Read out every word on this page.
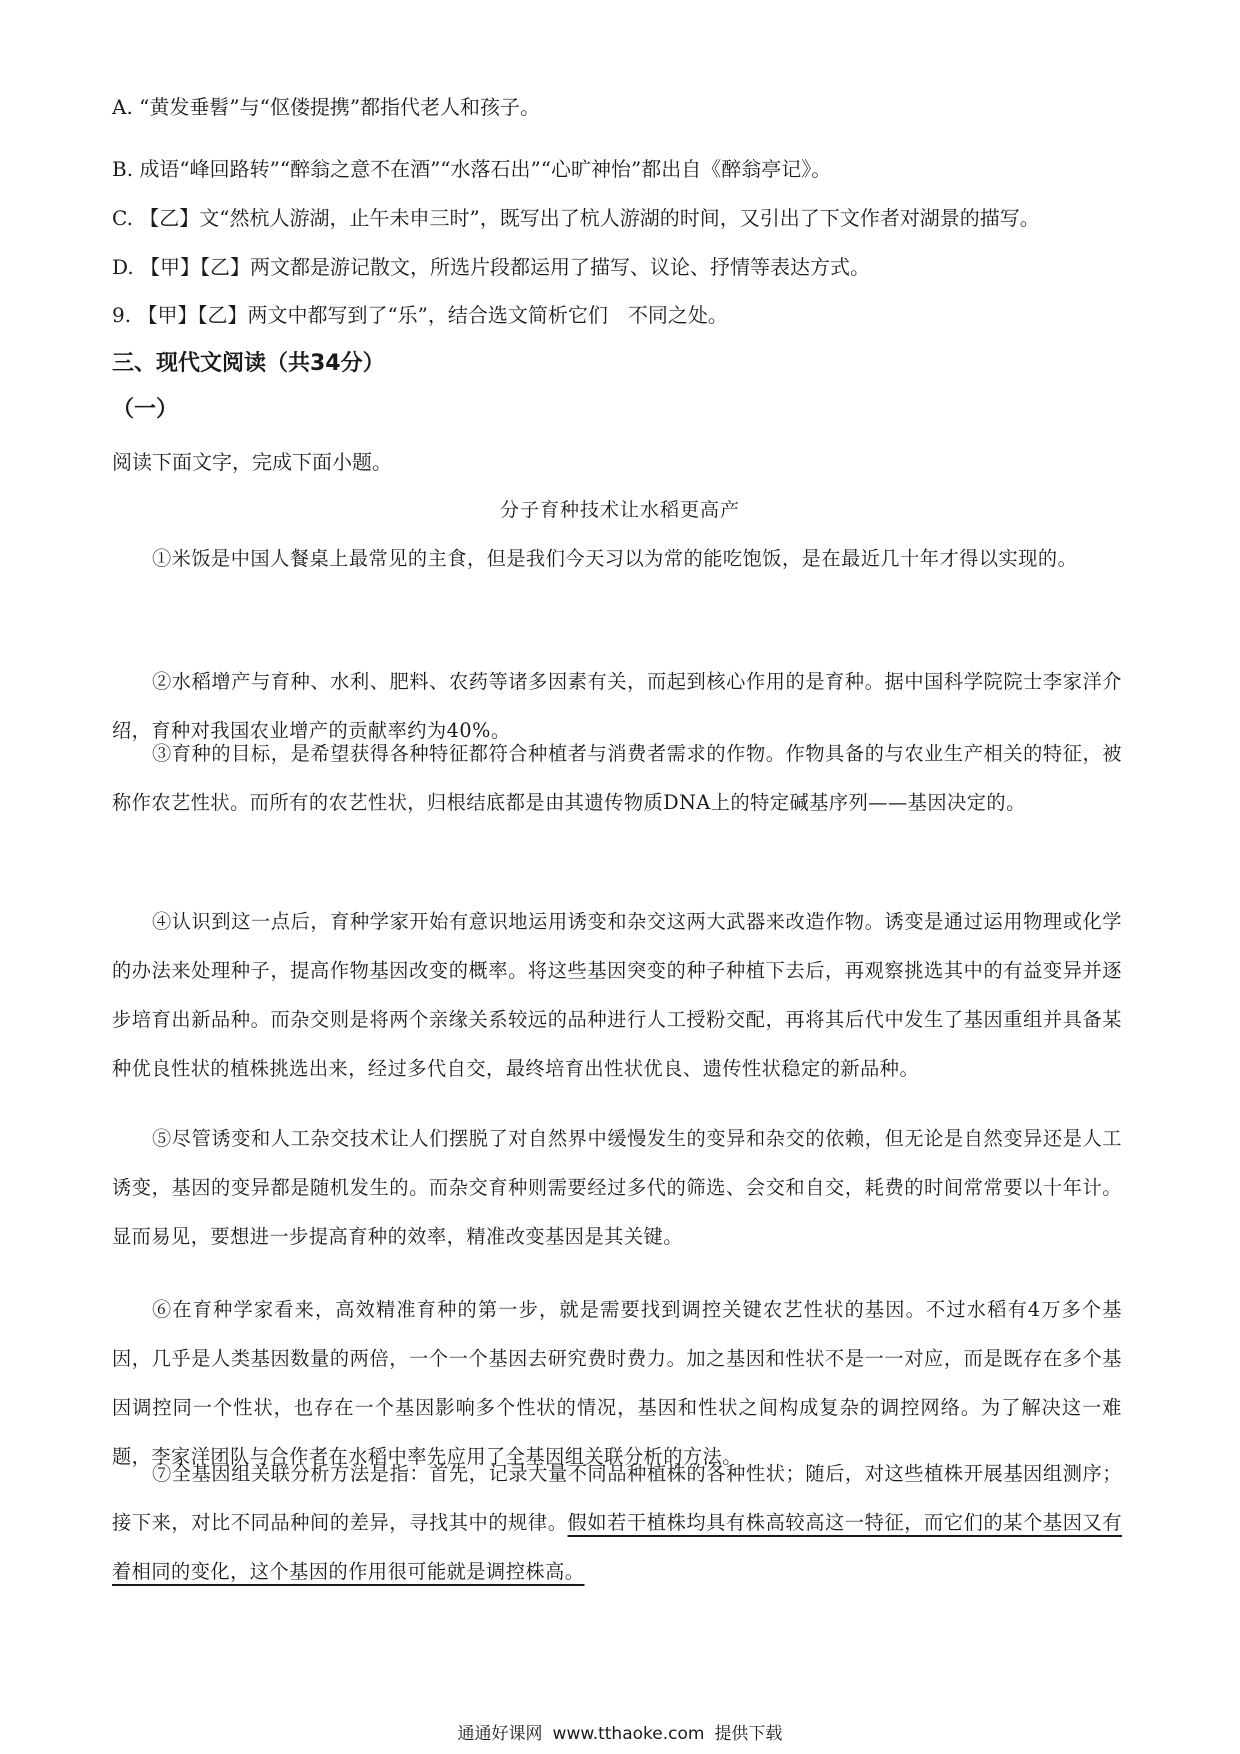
A. “黄发垂髫”与“伛偻提携”都指代老人和孩子。
B. 成语“峰回路转”“醉翁之意不在酒”“水落石出”“心旷神怡”都出自《醉翁亭记》。
C. 【乙】文“然杭人游湖，止午未申三时”，既写出了杭人游湖的时间，又引出了下文作者对湖景的描写。
D. 【甲】【乙】两文都是游记散文，所选片段都运用了描写、议论、抒情等表达方式。
9. 【甲】【乙】两文中都写到了“乐”，结合选文简析它们　不同之处。
三、现代文阅读（共34分）
（一）
阅读下面文字，完成下面小题。
分子育种技术让水稻更高产
①米饭是中国人餐桌上最常见的主食，但是我们今天习以为常的能吃饱饭，是在最近几十年才得以实现的。
②水稻增产与育种、水利、肥料、农药等诸多因素有关，而起到核心作用的是育种。据中国科学院院士李家洋介绍，育种对我国农业增产的贡献率约为40%。
③育种的目标，是希望获得各种特征都符合种植者与消费者需求的作物。作物具备的与农业生产相关的特征，被称作农艺性状。而所有的农艺性状，归根结底都是由其遗传物质DNA上的特定碱基序列——基因决定的。
④认识到这一点后，育种学家开始有意识地运用诱变和杂交这两大武器来改造作物。诱变是通过运用物理或化学的办法来处理种子，提高作物基因改变的概率。将这些基因突变的种子种植下去后，再观察挑选其中的有益变异并逐步培育出新品种。而杂交则是将两个亲缘关系较远的品种进行人工授粉交配，再将其后代中发生了基因重组并具备某种优良性状的植株挑选出来，经过多代自交，最终培育出性状优良、遗传性状稳定的新品种。
⑤尽管诱变和人工杂交技术让人们摆脱了对自然界中缓慢发生的变异和杂交的依赖，但无论是自然变异还是人工诱变，基因的变异都是随机发生的。而杂交育种则需要经过多代的筛选、会交和自交，耗费的时间常常要以十年计。显而易见，要想进一步提高育种的效率，精准改变基因是其关键。
⑥在育种学家看来，高效精准育种的第一步，就是需要找到调控关键农艺性状的基因。不过水稻有4万多个基因，几乎是人类基因数量的两倍，一个一个基因去研究费时费力。加之基因和性状不是一一对应，而是既存在多个基因调控同一个性状，也存在一个基因影响多个性状的情况，基因和性状之间构成复杂的调控网络。为了解决这一难题，李家洋团队与合作者在水稻中率先应用了全基因组关联分析的方法。
⑦全基因组关联分析方法是指：首先，记录大量不同品种植株的各种性状；随后，对这些植株开展基因组测序；接下来，对比不同品种间的差异，寻找其中的规律。假如若干植株均具有株高较高这一特征，而它们的某个基因又有着相同的变化，这个基因的作用很可能就是调控株高。
通通好课网 www.tthaoke.com 提供下载
